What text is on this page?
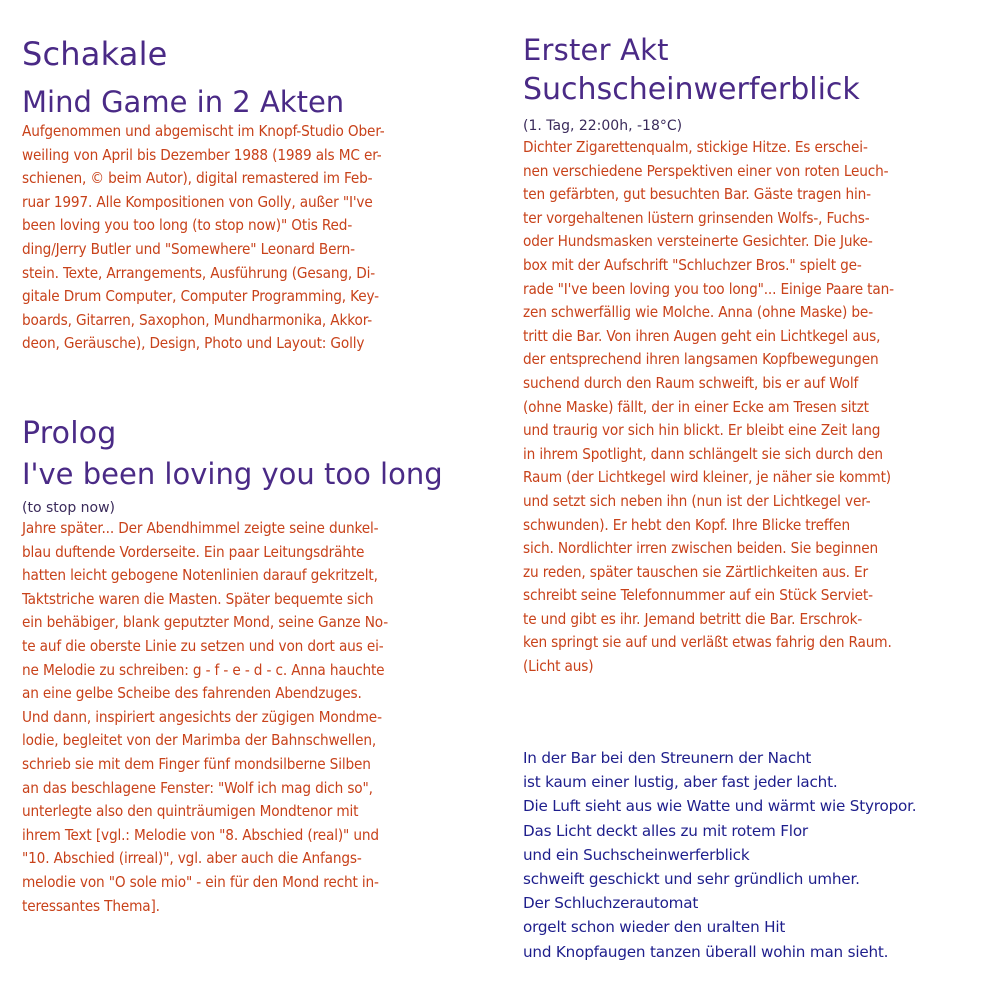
Schakale
Mind Game in 2 Akten
Aufgenommen und abgemischt im Knopf-Studio Ober-
weiling von April bis Dezember 1988 (1989 als MC er-
schienen, © beim Autor), digital remastered im Feb-
ruar 1997. Alle Kompositionen von Golly, außer "I've
been loving you too long (to stop now)" Otis Red-
ding/Jerry Butler und "Somewhere" Leonard Bern-
stein. Texte, Arrangements, Ausführung (Gesang, Di-
gitale Drum Computer, Computer Programming, Key-
boards, Gitarren, Saxophon, Mundharmonika, Akkor-
deon, Geräusche), Design, Photo und Layout: Golly
Prolog
I've been loving you too long
(to stop now)
Jahre später... Der Abendhimmel zeigte seine dunkel-
blau duftende Vorderseite. Ein paar Leitungsdrähte
hatten leicht gebogene Notenlinien darauf gekritzelt,
Taktstriche waren die Masten. Später bequemte sich
ein behäbiger, blank geputzter Mond, seine Ganze No-
te auf die oberste Linie zu setzen und von dort aus ei-
ne Melodie zu schreiben: g - f - e - d - c. Anna hauchte
an eine gelbe Scheibe des fahrenden Abendzuges.
Und dann, inspiriert angesichts der zügigen Mondme-
lodie, begleitet von der Marimba der Bahnschwellen,
schrieb sie mit dem Finger fünf mondsilberne Silben
an das beschlagene Fenster: "Wolf ich mag dich so",
unterlegte also den quinträumigen Mondtenor mit
ihrem Text [vgl.: Melodie von "8. Abschied (real)" und
"10. Abschied (irreal)", vgl. aber auch die Anfangs-
melodie von "O sole mio" - ein für den Mond recht in-
teressantes Thema].
Erster Akt
Suchscheinwerferblick
(1. Tag, 22:00h, -18°C)
Dichter Zigarettenqualm, stickige Hitze. Es erschei-
nen verschiedene Perspektiven einer von roten Leuch-
ten gefärbten, gut besuchten Bar. Gäste tragen hin-
ter vorgehaltenen lüstern grinsenden Wolfs-, Fuchs-
oder Hundsmasken versteinerte Gesichter. Die Juke-
box mit der Aufschrift "Schluchzer Bros." spielt ge-
rade "I've been loving you too long"... Einige Paare tan-
zen schwerfällig wie Molche. Anna (ohne Maske) be-
tritt die Bar. Von ihren Augen geht ein Lichtkegel aus,
der entsprechend ihren langsamen Kopfbewegungen
suchend durch den Raum schweift, bis er auf Wolf
(ohne Maske) fällt, der in einer Ecke am Tresen sitzt
und traurig vor sich hin blickt. Er bleibt eine Zeit lang
in ihrem Spotlight, dann schlängelt sie sich durch den
Raum (der Lichtkegel wird kleiner, je näher sie kommt)
und setzt sich neben ihn (nun ist der Lichtkegel ver-
schwunden). Er hebt den Kopf. Ihre Blicke treffen
sich. Nordlichter irren zwischen beiden. Sie beginnen
zu reden, später tauschen sie Zärtlichkeiten aus. Er
schreibt seine Telefonnummer auf ein Stück Serviet-
te und gibt es ihr. Jemand betritt die Bar. Erschrok-
ken springt sie auf und verläßt etwas fahrig den Raum.
(Licht aus)
In der Bar bei den Streunern der Nacht
ist kaum einer lustig, aber fast jeder lacht.
Die Luft sieht aus wie Watte und wärmt wie Styropor.
Das Licht deckt alles zu mit rotem Flor
und ein Suchscheinwerferblick
schweift geschickt und sehr gründlich umher.
Der Schluchzerautomat
orgelt schon wieder den uralten Hit
und Knopfaugen tanzen überall wohin man sieht.
